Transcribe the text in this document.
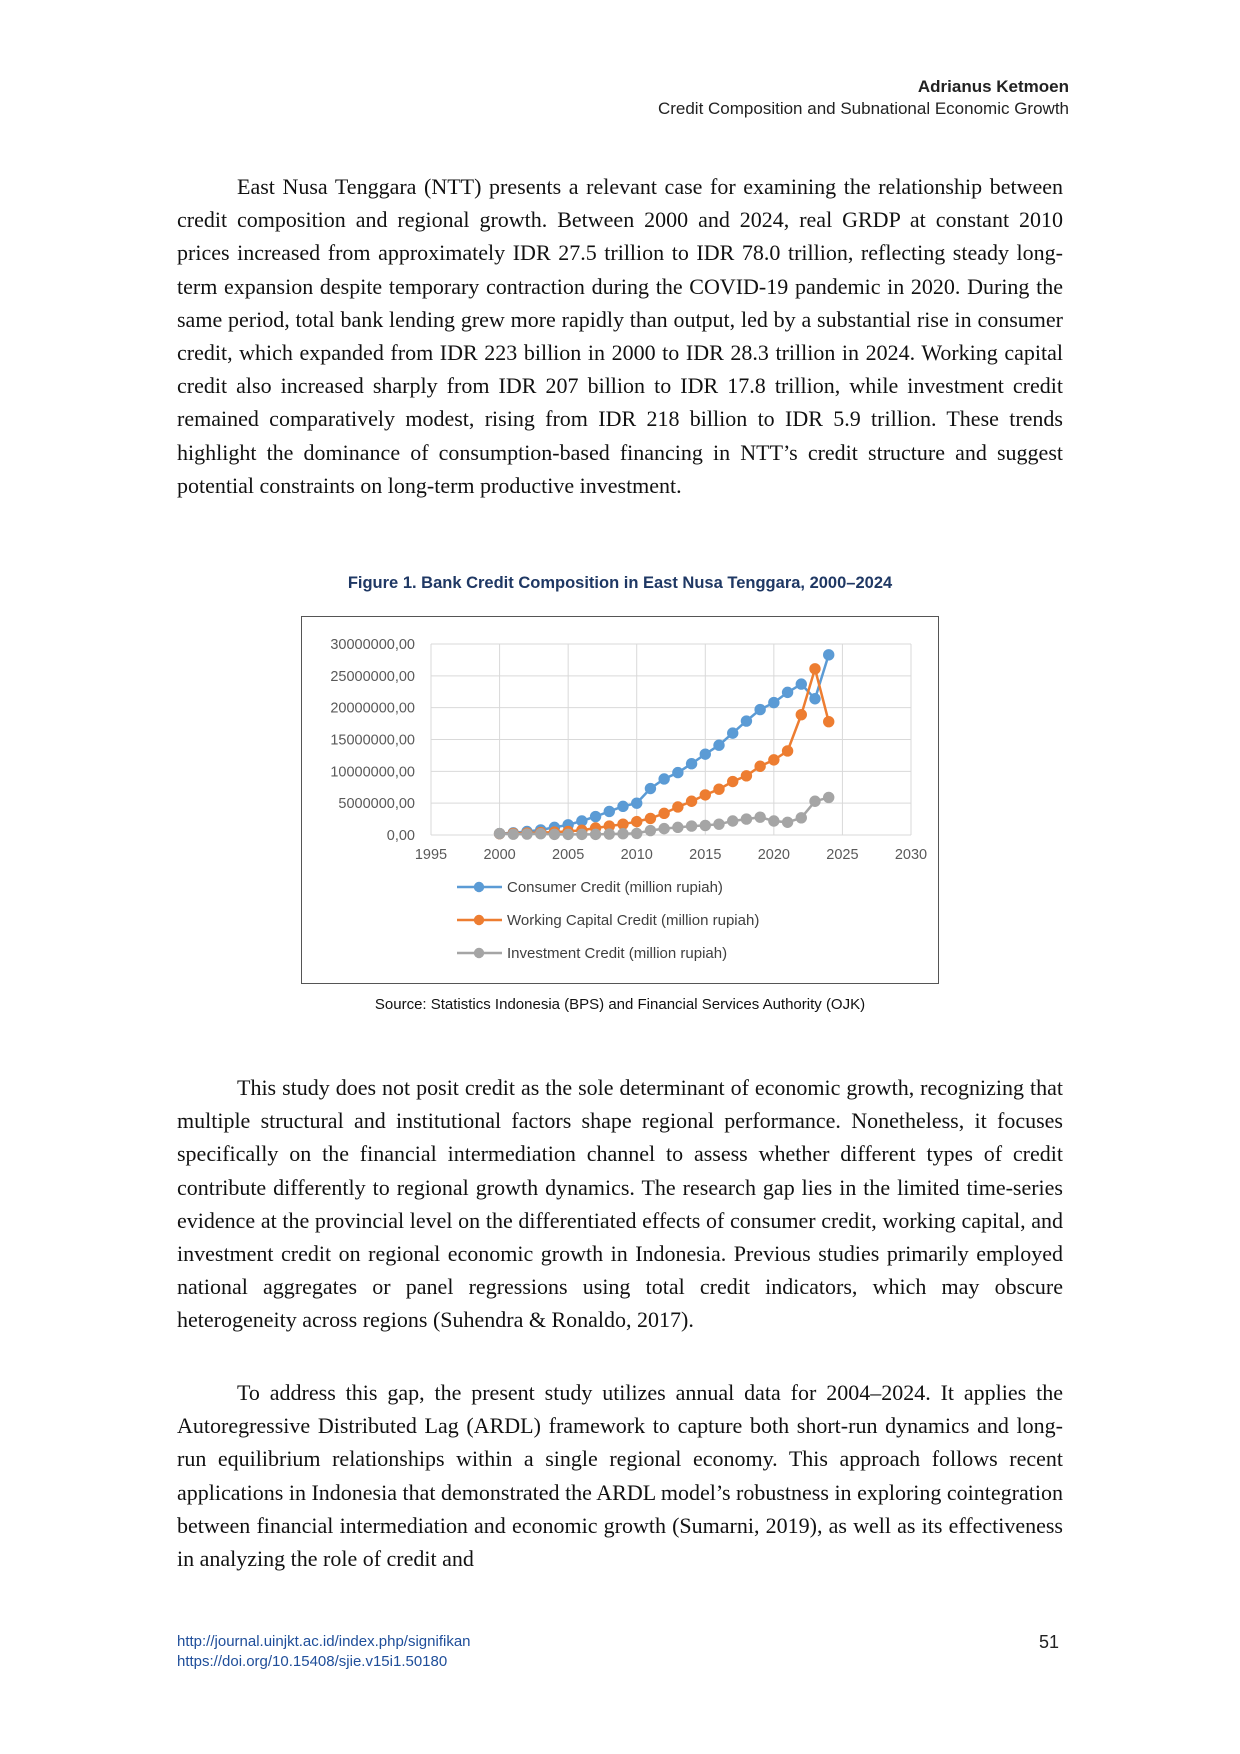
Adrianus Ketmoen
Credit Composition and Subnational Economic Growth

East Nusa Tenggara (NTT) presents a relevant case for examining the relationship between credit composition and regional growth. Between 2000 and 2024, real GRDP at constant 2010 prices increased from approximately IDR 27.5 trillion to IDR 78.0 trillion, reflecting steady long-term expansion despite temporary contraction during the COVID-19 pandemic in 2020. During the same period, total bank lending grew more rapidly than output, led by a substantial rise in consumer credit, which expanded from IDR 223 billion in 2000 to IDR 28.3 trillion in 2024. Working capital credit also increased sharply from IDR 207 billion to IDR 17.8 trillion, while investment credit remained comparatively modest, rising from IDR 218 billion to IDR 5.9 trillion. These trends highlight the dominance of consumption-based financing in NTT’s credit structure and suggest potential constraints on long-term productive investment.

Figure 1. Bank Credit Composition in East Nusa Tenggara, 2000–2024
0,00
5000000,00
10000000,00
15000000,00
20000000,00
25000000,00
30000000,00
1995	2000	2005	2010	2015	2020	2025	2030
Consumer Credit (million rupiah)
Working Capital Credit (million rupiah)
Investment Credit (million rupiah)
Source: Statistics Indonesia (BPS) and Financial Services Authority (OJK)

This study does not posit credit as the sole determinant of economic growth, recognizing that multiple structural and institutional factors shape regional performance. Nonetheless, it focuses specifically on the financial intermediation channel to assess whether different types of credit contribute differently to regional growth dynamics. The research gap lies in the limited time-series evidence at the provincial level on the differentiated effects of consumer credit, working capital, and investment credit on regional economic growth in Indonesia. Previous studies primarily employed national aggregates or panel regressions using total credit indicators, which may obscure heterogeneity across regions (Suhendra & Ronaldo, 2017).

To address this gap, the present study utilizes annual data for 2004–2024. It applies the Autoregressive Distributed Lag (ARDL) framework to capture both short-run dynamics and long-run equilibrium relationships within a single regional economy. This approach follows recent applications in Indonesia that demonstrated the ARDL model’s robustness in exploring cointegration between financial intermediation and economic growth (Sumarni, 2019), as well as its effectiveness in analyzing the role of credit and

http://journal.uinjkt.ac.id/index.php/signifikan
https://doi.org/10.15408/sjie.v15i1.50180
51
